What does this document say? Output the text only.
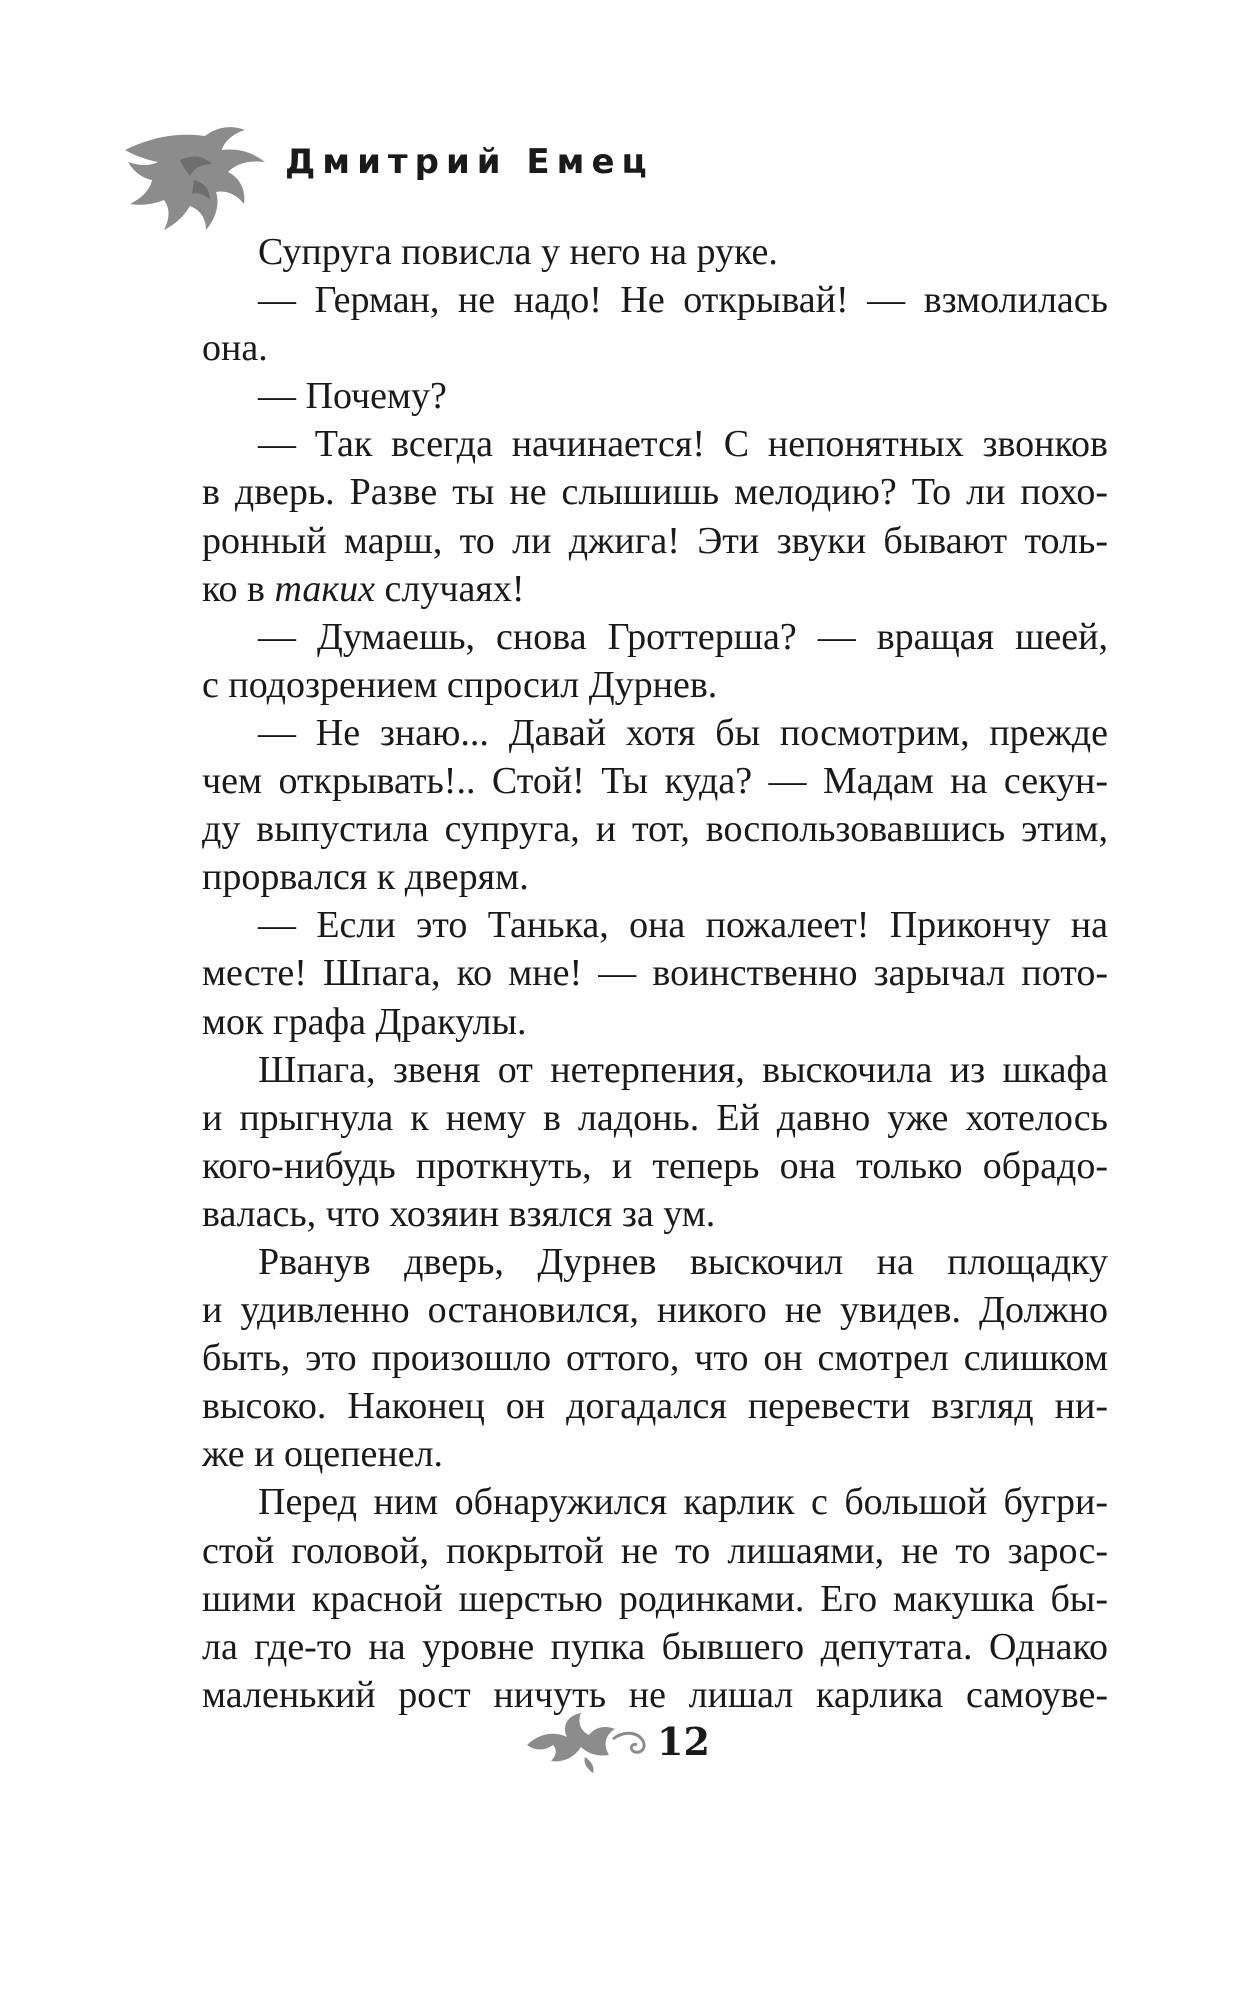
Дмитрий Емец
Супруга повисла у него на руке.
— Герман, не надо! Не открывай! — взмолилась
она.
— Почему?
— Так всегда начинается! С непонятных звонков
в дверь. Разве ты не слышишь мелодию? То ли похо-
ронный марш, то ли джига! Эти звуки бывают толь-
ко в таких случаях!
— Думаешь, снова Гроттерша? — вращая шеей,
с подозрением спросил Дурнев.
— Не знаю... Давай хотя бы посмотрим, прежде
чем открывать!.. Стой! Ты куда? — Мадам на секун-
ду выпустила супруга, и тот, воспользовавшись этим,
прорвался к дверям.
— Если это Танька, она пожалеет! Прикончу на
месте! Шпага, ко мне! — воинственно зарычал пото-
мок графа Дракулы.
Шпага, звеня от нетерпения, выскочила из шкафа
и прыгнула к нему в ладонь. Ей давно уже хотелось
кого-нибудь проткнуть, и теперь она только обрадо-
валась, что хозяин взялся за ум.
Рванув дверь, Дурнев выскочил на площадку
и удивленно остановился, никого не увидев. Должно
быть, это произошло оттого, что он смотрел слишком
высоко. Наконец он догадался перевести взгляд ни-
же и оцепенел.
Перед ним обнаружился карлик с большой бугри-
стой головой, покрытой не то лишаями, не то зарос-
шими красной шерстью родинками. Его макушка бы-
ла где-то на уровне пупка бывшего депутата. Однако
маленький рост ничуть не лишал карлика самоуве-
12
